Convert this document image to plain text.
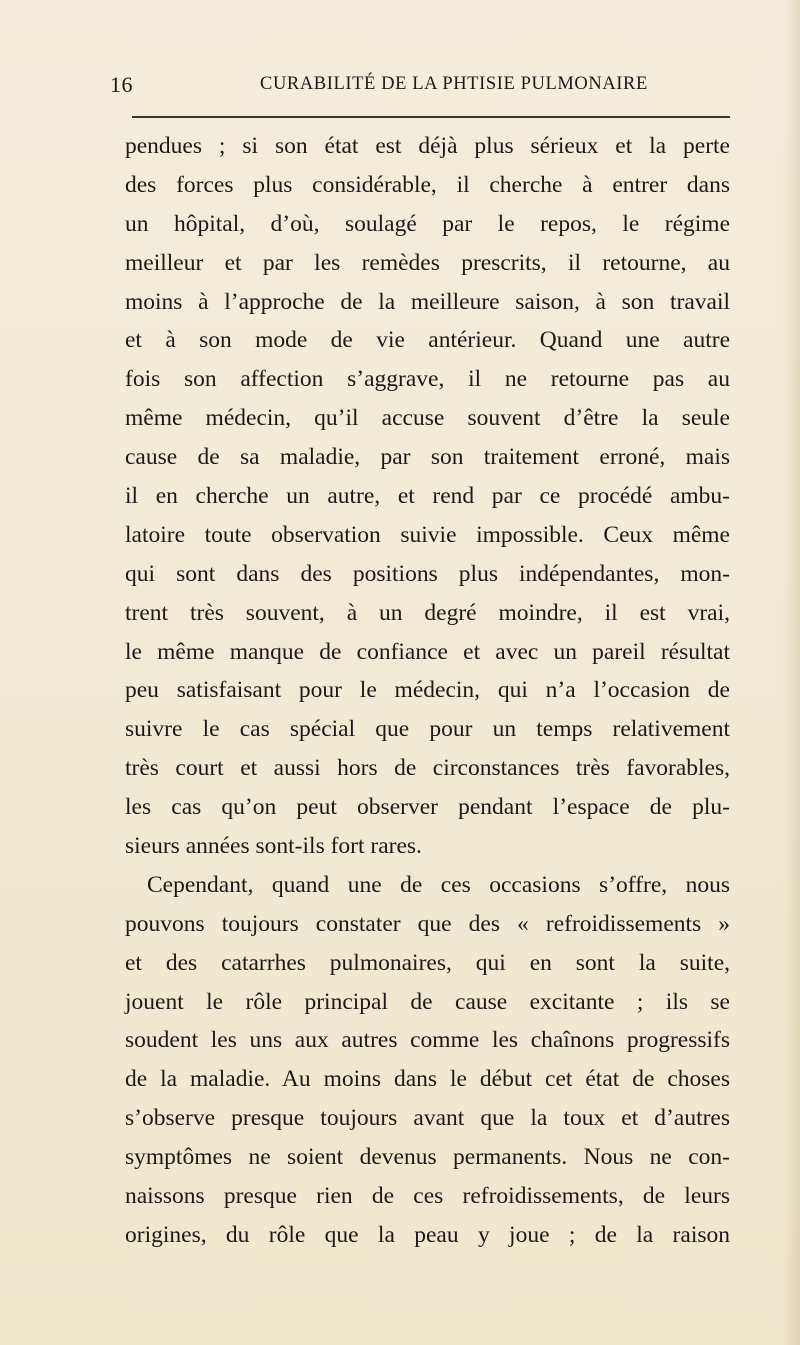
16	CURABILITÉ DE LA PHTISIE PULMONAIRE
pendues ; si son état est déjà plus sérieux et la perte
des forces plus considérable, il cherche à entrer dans
un hôpital, d’où, soulagé par le repos, le régime
meilleur et par les remèdes prescrits, il retourne, au
moins à l’approche de la meilleure saison, à son travail
et à son mode de vie antérieur. Quand une autre
fois son affection s’aggrave, il ne retourne pas au
même médecin, qu’il accuse souvent d’être la seule
cause de sa maladie, par son traitement erroné, mais
il en cherche un autre, et rend par ce procédé ambu-
latoire toute observation suivie impossible. Ceux même
qui sont dans des positions plus indépendantes, mon-
trent très souvent, à un degré moindre, il est vrai,
le même manque de confiance et avec un pareil résultat
peu satisfaisant pour le médecin, qui n’a l’occasion de
suivre le cas spécial que pour un temps relativement
très court et aussi hors de circonstances très favorables,
les cas qu’on peut observer pendant l’espace de plu-
sieurs années sont-ils fort rares.
Cependant, quand une de ces occasions s’offre, nous
pouvons toujours constater que des « refroidissements »
et des catarrhes pulmonaires, qui en sont la suite,
jouent le rôle principal de cause excitante ; ils se
soudent les uns aux autres comme les chaînons progressifs
de la maladie. Au moins dans le début cet état de choses
s’observe presque toujours avant que la toux et d’autres
symptômes ne soient devenus permanents. Nous ne con-
naissons presque rien de ces refroidissements, de leurs
origines, du rôle que la peau y joue ; de la raison
